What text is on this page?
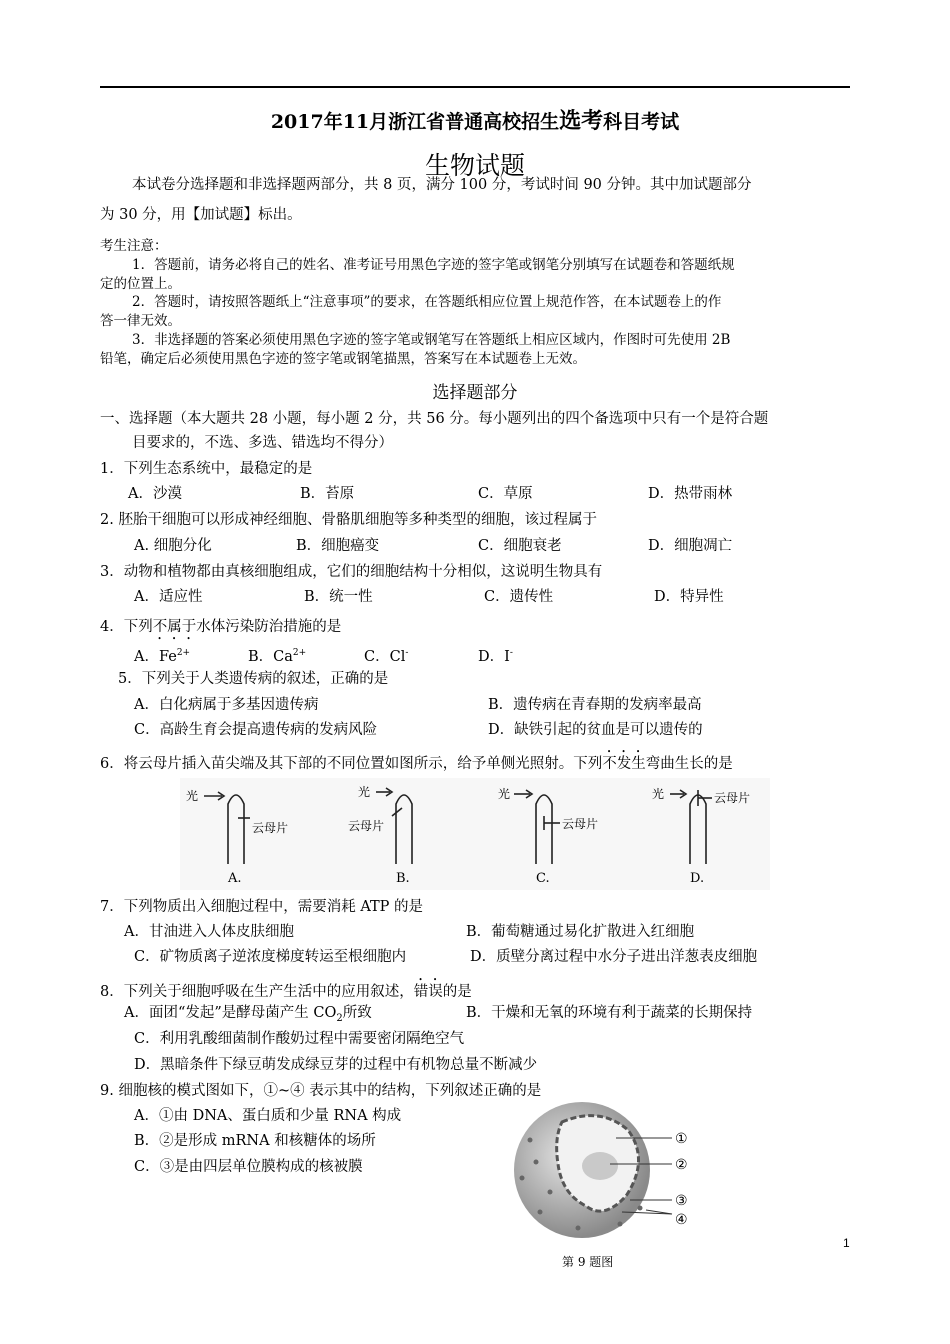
2017年11月浙江省普通高校招生选考科目考试
生物试题
本试卷分选择题和非选择题两部分，共 8 页，满分 100 分，考试时间 90 分钟。其中加试题部分
为 30 分，用【加试题】标出。
考生注意：
1．答题前，请务必将自己的姓名、准考证号用黑色字迹的签字笔或钢笔分别填写在试题卷和答题纸规
定的位置上。
2．答题时，请按照答题纸上“注意事项”的要求，在答题纸相应位置上规范作答，在本试题卷上的作
答一律无效。
3．非选择题的答案必须使用黑色字迹的签字笔或钢笔写在答题纸上相应区域内，作图时可先使用 2B
铅笔，确定后必须使用黑色字迹的签字笔或钢笔描黑，答案写在本试题卷上无效。
选择题部分
一、选择题（本大题共 28 小题，每小题 2 分，共 56 分。每小题列出的四个备选项中只有一个是符合题
目要求的，不选、多选、错选均不得分）
1．下列生态系统中，最稳定的是
A．沙漠	B．苔原	C．草原	D．热带雨林
2. 胚胎干细胞可以形成神经细胞、骨骼肌细胞等多种类型的细胞，该过程属于
A. 细胞分化	B．细胞癌变	C．细胞衰老	D．细胞凋亡
3．动物和植物都由真核细胞组成，它们的细胞结构十分相似，这说明生物具有
A．适应性	B．统一性	C．遗传性	D．特异性
4．下列不属于水体污染防治措施的是
A．$Fe^{2+}$	B．$Ca^{2+}$	C．Cl-	D．I-
5．下列关于人类遗传病的叙述，正确的是
A．白化病属于多基因遗传病	B．遗传病在青春期的发病率最高
C．高龄生育会提高遗传病的发病风险	D．缺铁引起的贫血是可以遗传的
6．将云母片插入苗尖端及其下部的不同位置如图所示，给予单侧光照射。下列不发生弯曲生长的是
光
云母片
A.
光
云母片
B.
光
云母片
C.
光	云母片
D.
7．下列物质出入细胞过程中，需要消耗 ATP 的是
A．甘油进入人体皮肤细胞	B．葡萄糖通过易化扩散进入红细胞
C．矿物质离子逆浓度梯度转运至根细胞内	D．质壁分离过程中水分子进出洋葱表皮细胞
8．下列关于细胞呼吸在生产生活中的应用叙述，错误的是
A．面团“发起”是酵母菌产生 $CO_2$所致	B．干燥和无氧的环境有利于蔬菜的长期保持
C．利用乳酸细菌制作酸奶过程中需要密闭隔绝空气
D．黑暗条件下绿豆萌发成绿豆芽的过程中有机物总量不断减少
9. 细胞核的模式图如下，①~④ 表示其中的结构，下列叙述正确的是
A．①由 DNA、蛋白质和少量 RNA 构成
B．②是形成 mRNA 和核糖体的场所
C．③是由四层单位膜构成的核被膜
①
②
③
④
第 9 题图
1
